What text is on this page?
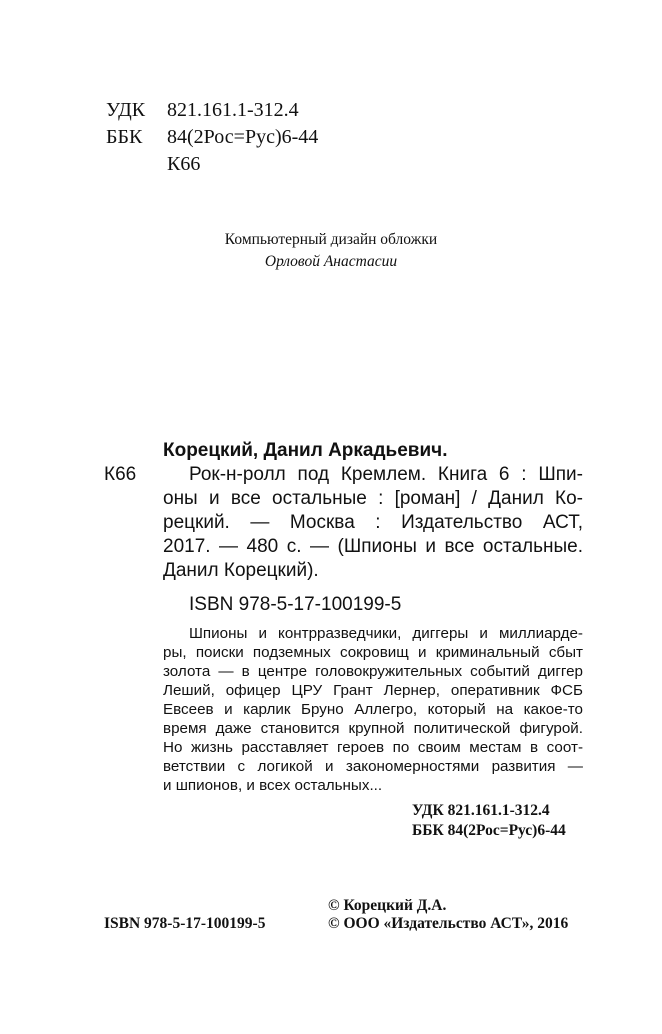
УДК 821.161.1-312.4
ББК 84(2Рос=Рус)6-44
К66
Компьютерный дизайн обложки
Орловой Анастасии
Корецкий, Данил Аркадьевич.
К66	Рок-н-ролл под Кремлем. Книга 6 : Шпи-
оны и все остальные : [роман] / Данил Ко-
рецкий. — Москва : Издательство АСТ,
2017. — 480 с. — (Шпионы и все остальные.
Данил Корецкий).
ISBN 978-5-17-100199-5
Шпионы и контрразведчики, диггеры и миллиарде-
ры, поиски подземных сокровищ и криминальный сбыт
золота — в центре головокружительных событий диггер
Леший, офицер ЦРУ Грант Лернер, оперативник ФСБ
Евсеев и карлик Бруно Аллегро, который на какое-то
время даже становится крупной политической фигурой.
Но жизнь расставляет героев по своим местам в соот-
ветствии с логикой и закономерностями развития —
и шпионов, и всех остальных...
УДК 821.161.1-312.4
ББК 84(2Рос=Рус)6-44
© Корецкий Д.А.
ISBN 978-5-17-100199-5	© ООО «Издательство АСТ», 2016
